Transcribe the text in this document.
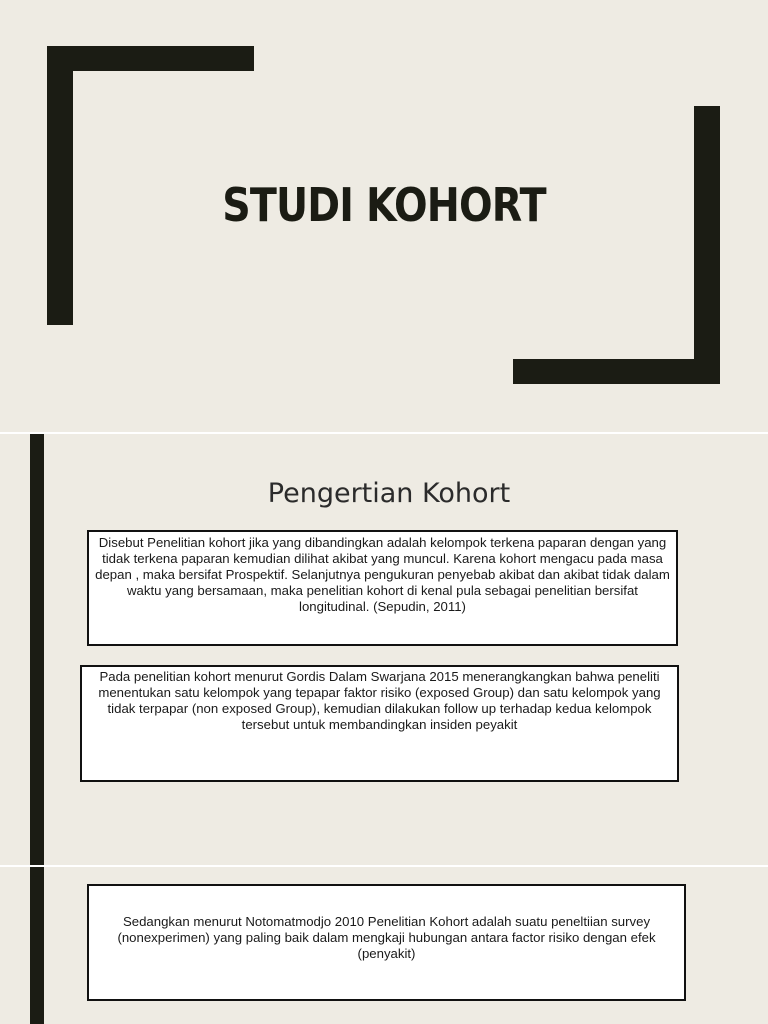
STUDI KOHORT
Pengertian Kohort
Disebut Penelitian kohort jika yang dibandingkan adalah kelompok terkena paparan dengan yang tidak terkena paparan kemudian dilihat akibat yang muncul. Karena kohort mengacu pada masa depan , maka bersifat Prospektif. Selanjutnya pengukuran penyebab akibat dan akibat tidak dalam waktu yang bersamaan, maka penelitian kohort di kenal pula sebagai penelitian bersifat longitudinal. (Sepudin, 2011)
Pada penelitian kohort menurut Gordis Dalam Swarjana 2015 menerangkangkan bahwa peneliti menentukan satu kelompok yang tepapar faktor risiko (exposed Group) dan satu kelompok yang tidak terpapar (non exposed Group), kemudian dilakukan follow up terhadap kedua kelompok tersebut untuk membandingkan insiden peyakit
Sedangkan menurut Notomatmodjo 2010 Penelitian Kohort adalah suatu peneltiian survey (nonexperimen) yang paling baik dalam mengkaji hubungan antara factor risiko dengan efek (penyakit)
